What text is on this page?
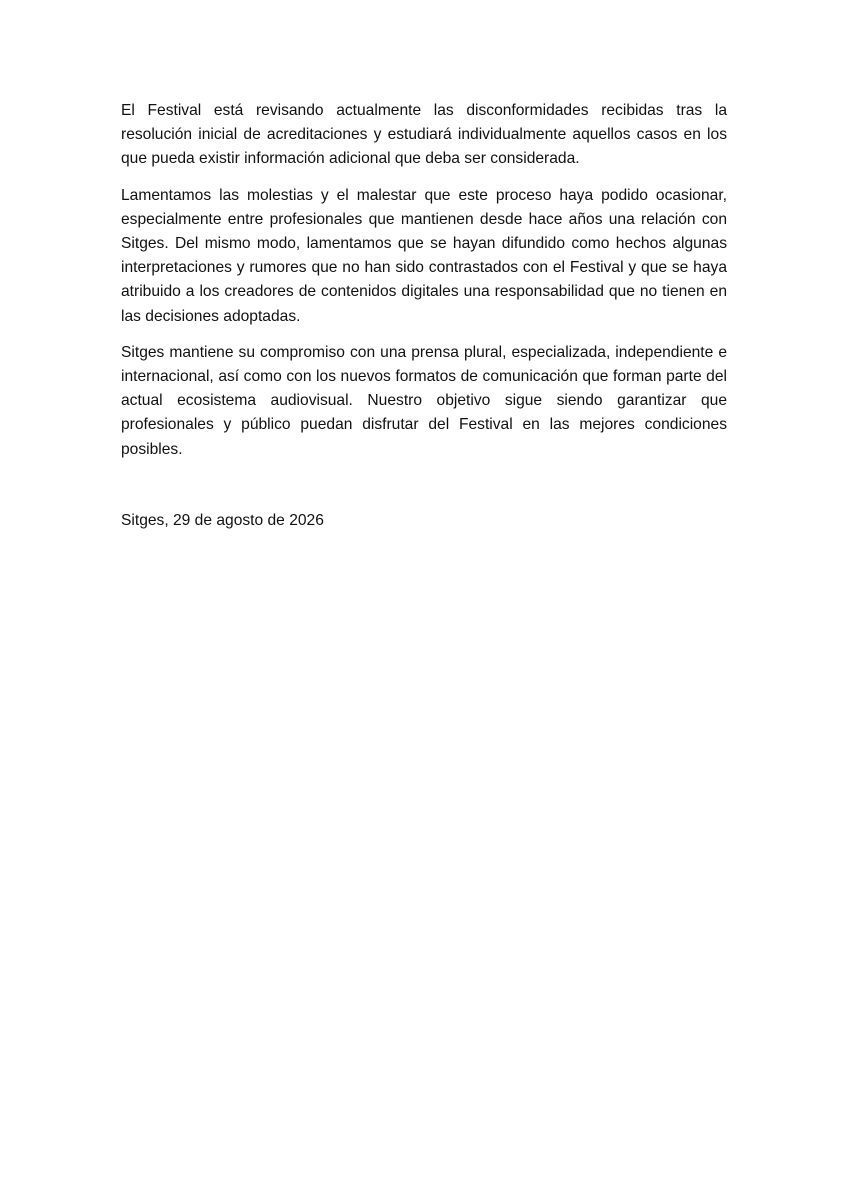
El Festival está revisando actualmente las disconformidades recibidas tras la resolución inicial de acreditaciones y estudiará individualmente aquellos casos en los que pueda existir información adicional que deba ser considerada.

Lamentamos las molestias y el malestar que este proceso haya podido ocasionar, especialmente entre profesionales que mantienen desde hace años una relación con Sitges. Del mismo modo, lamentamos que se hayan difundido como hechos algunas interpretaciones y rumores que no han sido contrastados con el Festival y que se haya atribuido a los creadores de contenidos digitales una responsabilidad que no tienen en las decisiones adoptadas.

Sitges mantiene su compromiso con una prensa plural, especializada, independiente e internacional, así como con los nuevos formatos de comunicación que forman parte del actual ecosistema audiovisual. Nuestro objetivo sigue siendo garantizar que profesionales y público puedan disfrutar del Festival en las mejores condiciones posibles.

Sitges, 29 de agosto de 2026
